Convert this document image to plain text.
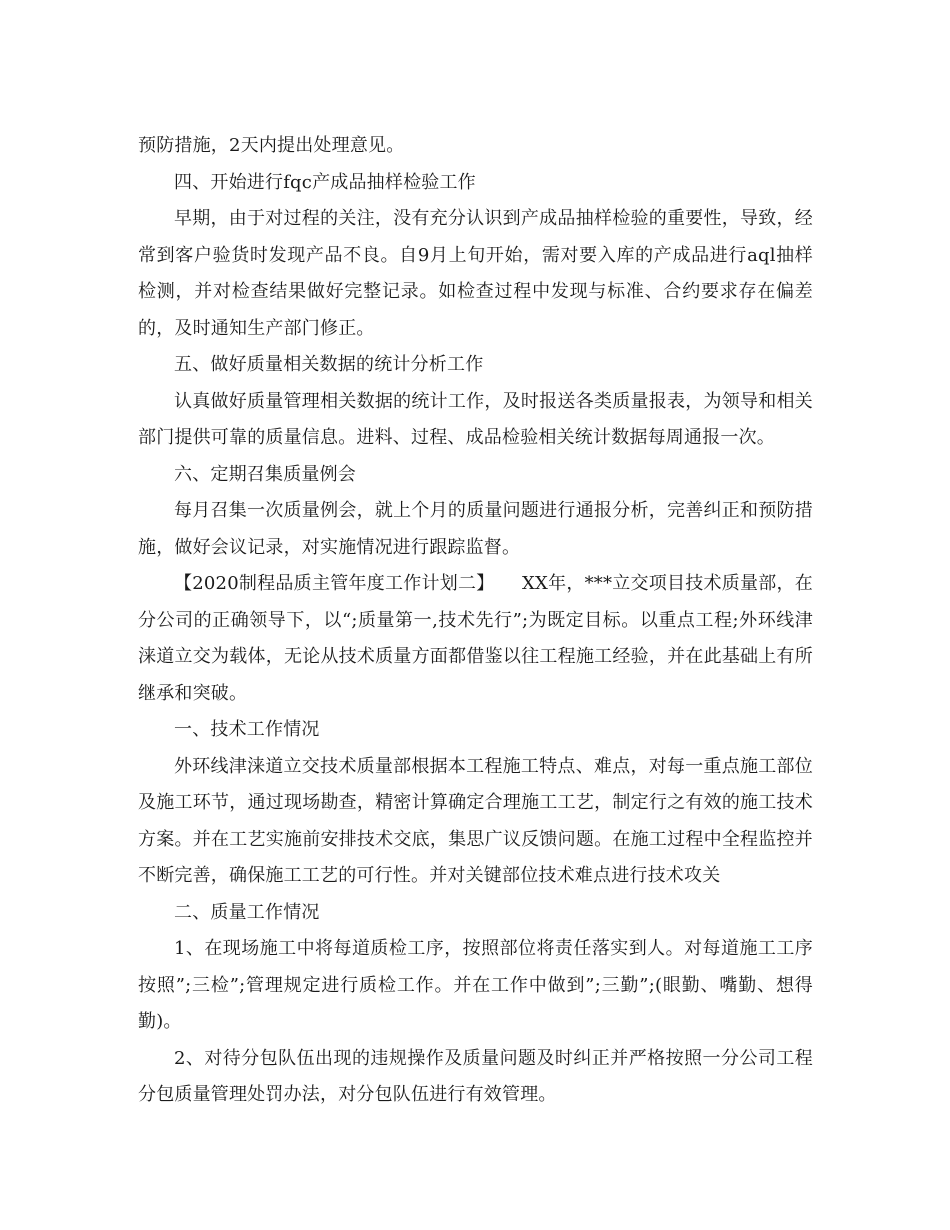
预防措施，2天内提出处理意见。

四、开始进行fqc产成品抽样检验工作

早期，由于对过程的关注，没有充分认识到产成品抽样检验的重要性，导致，经常到客户验货时发现产品不良。自9月上旬开始，需对要入库的产成品进行aql抽样检测，并对检查结果做好完整记录。如检查过程中发现与标准、合约要求存在偏差的，及时通知生产部门修正。

五、做好质量相关数据的统计分析工作

认真做好质量管理相关数据的统计工作，及时报送各类质量报表，为领导和相关部门提供可靠的质量信息。进料、过程、成品检验相关统计数据每周通报一次。

六、定期召集质量例会

每月召集一次质量例会，就上个月的质量问题进行通报分析，完善纠正和预防措施，做好会议记录，对实施情况进行跟踪监督。

【2020制程品质主管年度工作计划二】　　XX年，***立交项目技术质量部，在分公司的正确领导下，以“;质量第一,技术先行”;为既定目标。以重点工程;外环线津涞道立交为载体，无论从技术质量方面都借鉴以往工程施工经验，并在此基础上有所继承和突破。

一、技术工作情况

外环线津涞道立交技术质量部根据本工程施工特点、难点，对每一重点施工部位及施工环节，通过现场勘查，精密计算确定合理施工工艺，制定行之有效的施工技术方案。并在工艺实施前安排技术交底，集思广议反馈问题。在施工过程中全程监控并不断完善，确保施工工艺的可行性。并对关键部位技术难点进行技术攻关

二、质量工作情况

1、在现场施工中将每道质检工序，按照部位将责任落实到人。对每道施工工序按照”;三检”;管理规定进行质检工作。并在工作中做到”;三勤”;(眼勤、嘴勤、想得勤)。

2、对待分包队伍出现的违规操作及质量问题及时纠正并严格按照一分公司工程分包质量管理处罚办法，对分包队伍进行有效管理。
